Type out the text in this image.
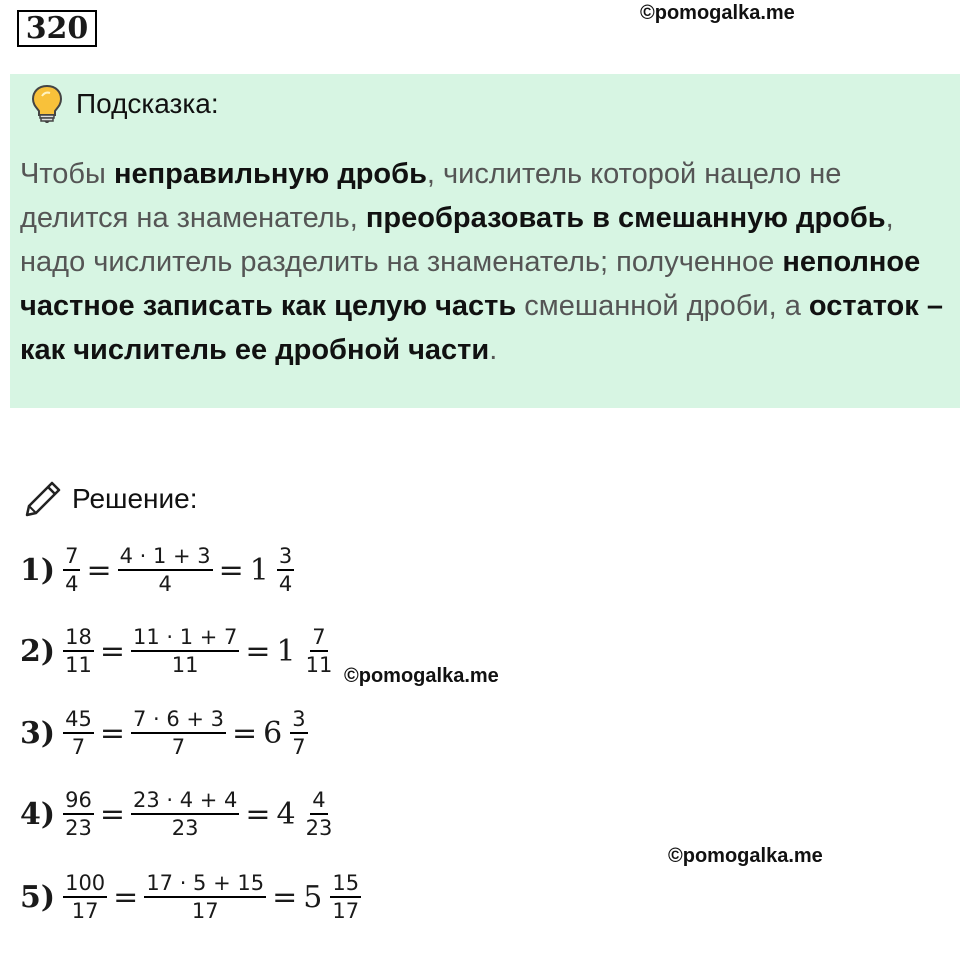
320	©pomogalka.me
©pomogalka.me
©pomogalka.me
Подсказка:
Чтобы неправильную дробь, числитель которой нацело не делится на знаменатель, преобразовать в смешанную дробь, надо числитель разделить на знаменатель; полученное неполное частное записать как целую часть смешанной дроби, а остаток – как числитель ее дробной части.
Решение:
$1) \frac{7}{4} = \frac{4 \cdot 1 + 3}{4} = 1 \frac{3}{4}$
$2) \frac{18}{11} = \frac{11 \cdot 1 + 7}{11} = 1 \frac{7}{11}$
$3) \frac{45}{7} = \frac{7 \cdot 6 + 3}{7} = 6 \frac{3}{7}$
$4) \frac{96}{23} = \frac{23 \cdot 4 + 4}{23} = 4 \frac{4}{23}$
$5) \frac{100}{17} = \frac{17 \cdot 5 + 15}{17} = 5 \frac{15}{17}$
